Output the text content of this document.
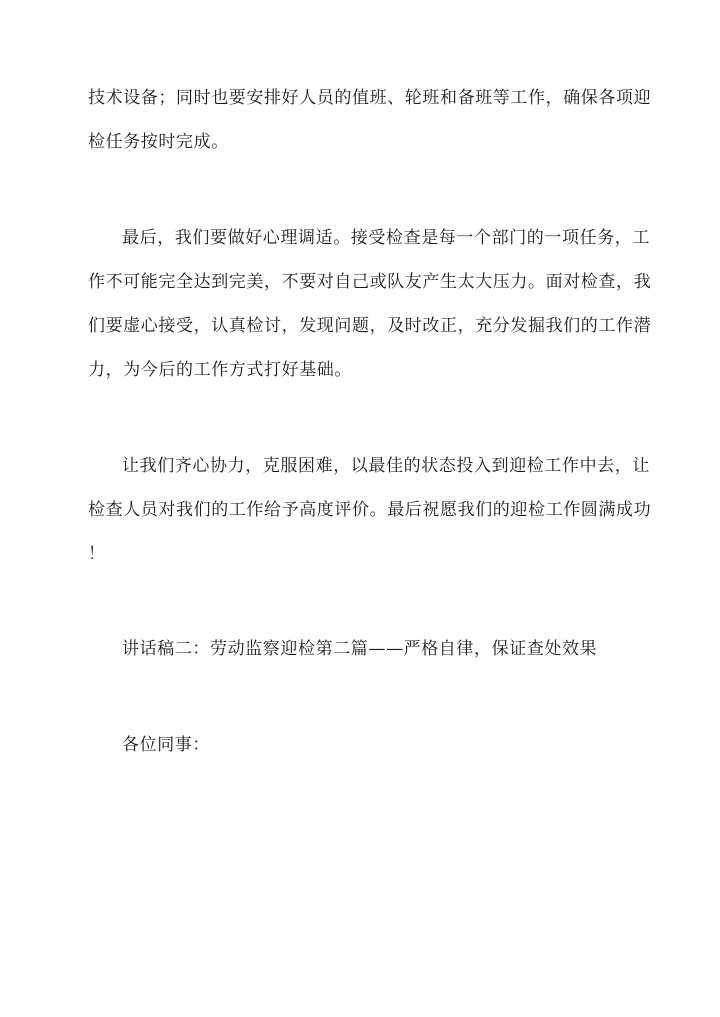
技术设备；同时也要安排好人员的值班、轮班和备班等工作，确保各项迎
检任务按时完成。
最后，我们要做好心理调适。接受检查是每一个部门的一项任务，工
作不可能完全达到完美，不要对自己或队友产生太大压力。面对检查，我
们要虚心接受，认真检讨，发现问题，及时改正，充分发掘我们的工作潜
力，为今后的工作方式打好基础。
让我们齐心协力，克服困难，以最佳的状态投入到迎检工作中去，让
检查人员对我们的工作给予高度评价。最后祝愿我们的迎检工作圆满成功
！
讲话稿二：劳动监察迎检第二篇——严格自律，保证查处效果
各位同事：
